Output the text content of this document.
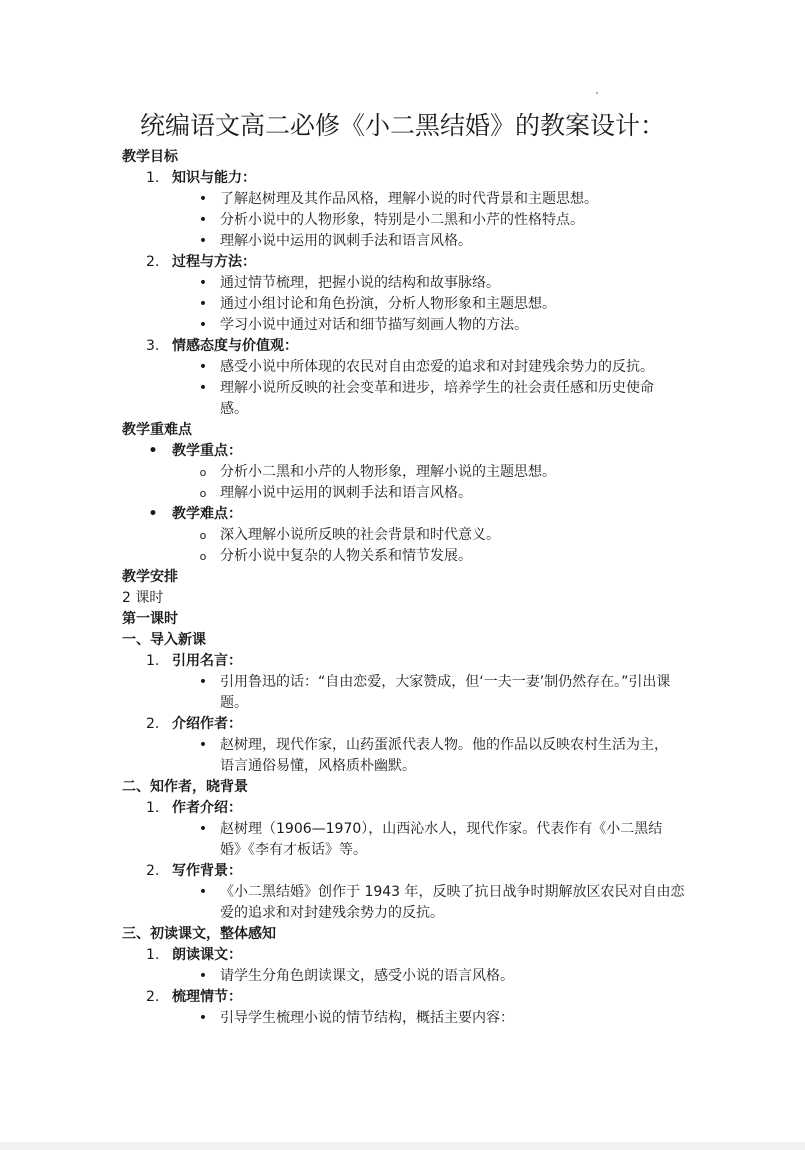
统编语文高二必修《小二黑结婚》的教案设计：
教学目标
1. 知识与能力：
• 了解赵树理及其作品风格，理解小说的时代背景和主题思想。
• 分析小说中的人物形象，特别是小二黑和小芹的性格特点。
• 理解小说中运用的讽刺手法和语言风格。
2. 过程与方法：
• 通过情节梳理，把握小说的结构和故事脉络。
• 通过小组讨论和角色扮演，分析人物形象和主题思想。
• 学习小说中通过对话和细节描写刻画人物的方法。
3. 情感态度与价值观：
• 感受小说中所体现的农民对自由恋爱的追求和对封建残余势力的反抗。
• 理解小说所反映的社会变革和进步，培养学生的社会责任感和历史使命
感。
教学重难点
• 教学重点：
o 分析小二黑和小芹的人物形象，理解小说的主题思想。
o 理解小说中运用的讽刺手法和语言风格。
• 教学难点：
o 深入理解小说所反映的社会背景和时代意义。
o 分析小说中复杂的人物关系和情节发展。
教学安排
2 课时
第一课时
一、导入新课
1. 引用名言：
• 引用鲁迅的话：“自由恋爱，大家赞成，但‘一夫一妻’制仍然存在。”引出课
题。
2. 介绍作者：
• 赵树理，现代作家，山药蛋派代表人物。他的作品以反映农村生活为主，
语言通俗易懂，风格质朴幽默。
二、知作者，晓背景
1. 作者介绍：
• 赵树理（1906—1970），山西沁水人，现代作家。代表作有《小二黑结
婚》《李有才板话》等。
2. 写作背景：
• 《小二黑结婚》创作于 1943 年，反映了抗日战争时期解放区农民对自由恋
爱的追求和对封建残余势力的反抗。
三、初读课文，整体感知
1. 朗读课文：
• 请学生分角色朗读课文，感受小说的语言风格。
2. 梳理情节：
• 引导学生梳理小说的情节结构，概括主要内容：
